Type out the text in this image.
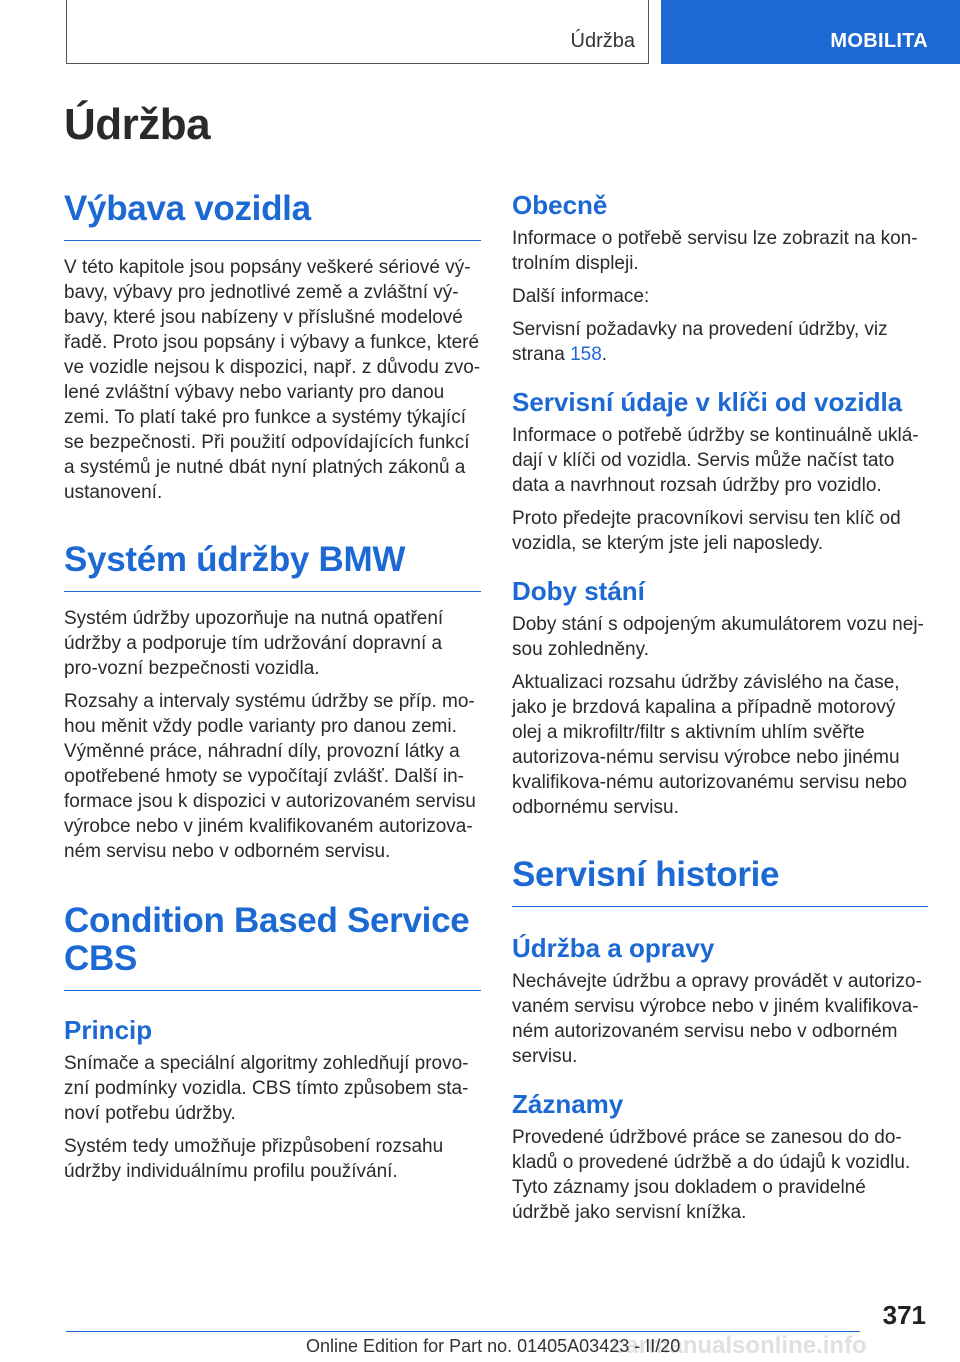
Údržba	MOBILITA
Údržba
Výbava vozidla

V této kapitole jsou popsány veškeré sériové vý-bavy, výbavy pro jednotlivé země a zvláštní vý-bavy, které jsou nabízeny v příslušné modelové řadě. Proto jsou popsány i výbavy a funkce, které ve vozidle nejsou k dispozici, např. z důvodu zvo-lené zvláštní výbavy nebo varianty pro danou zemi. To platí také pro funkce a systémy týkající se bezpečnosti. Při použití odpovídajících funkcí a systémů je nutné dbát nyní platných zákonů a ustanovení.

Systém údržby BMW

Systém údržby upozorňuje na nutná opatření údržby a podporuje tím udržování dopravní a pro-vozní bezpečnosti vozidla.

Rozsahy a intervaly systému údržby se příp. mo-hou měnit vždy podle varianty pro danou zemi. Výměnné práce, náhradní díly, provozní látky a opotřebené hmoty se vypočítají zvlášť. Další in-formace jsou k dispozici v autorizovaném servisu výrobce nebo v jiném kvalifikovaném autorizova-ném servisu nebo v odborném servisu.

Condition Based Service CBS
Princip

Snímače a speciální algoritmy zohledňují provo-zní podmínky vozidla. CBS tímto způsobem sta-noví potřebu údržby.

Systém tedy umožňuje přizpůsobení rozsahu údržby individuálnímu profilu používání.

Obecně

Informace o potřebě servisu lze zobrazit na kon-trolním displeji.

Další informace:

Servisní požadavky na provedení údržby, viz strana 158.

Servisní údaje v klíči od vozidla

Informace o potřebě údržby se kontinuálně uklá-dají v klíči od vozidla. Servis může načíst tato data a navrhnout rozsah údržby pro vozidlo.

Proto předejte pracovníkovi servisu ten klíč od vozidla, se kterým jste jeli naposledy.

Doby stání

Doby stání s odpojeným akumulátorem vozu nej-sou zohledněny.

Aktualizaci rozsahu údržby závislého na čase, jako je brzdová kapalina a případně motorový olej a mikrofiltr/filtr s aktivním uhlím svěřte autorizova-nému servisu výrobce nebo jinému kvalifikova-nému autorizovanému servisu nebo odbornému servisu.

Servisní historie
Údržba a opravy

Nechávejte údržbu a opravy provádět v autorizo-vaném servisu výrobce nebo v jiném kvalifikova-ném autorizovaném servisu nebo v odborném servisu.

Záznamy

Provedené údržbové práce se zanesou do do-kladů o provedené údržbě a do údajů k vozidlu. Tyto záznamy jsou dokladem o pravidelné údržbě jako servisní knížka.

371
carmanualsonline.info
Online Edition for Part no. 01405A03423 - II/20
